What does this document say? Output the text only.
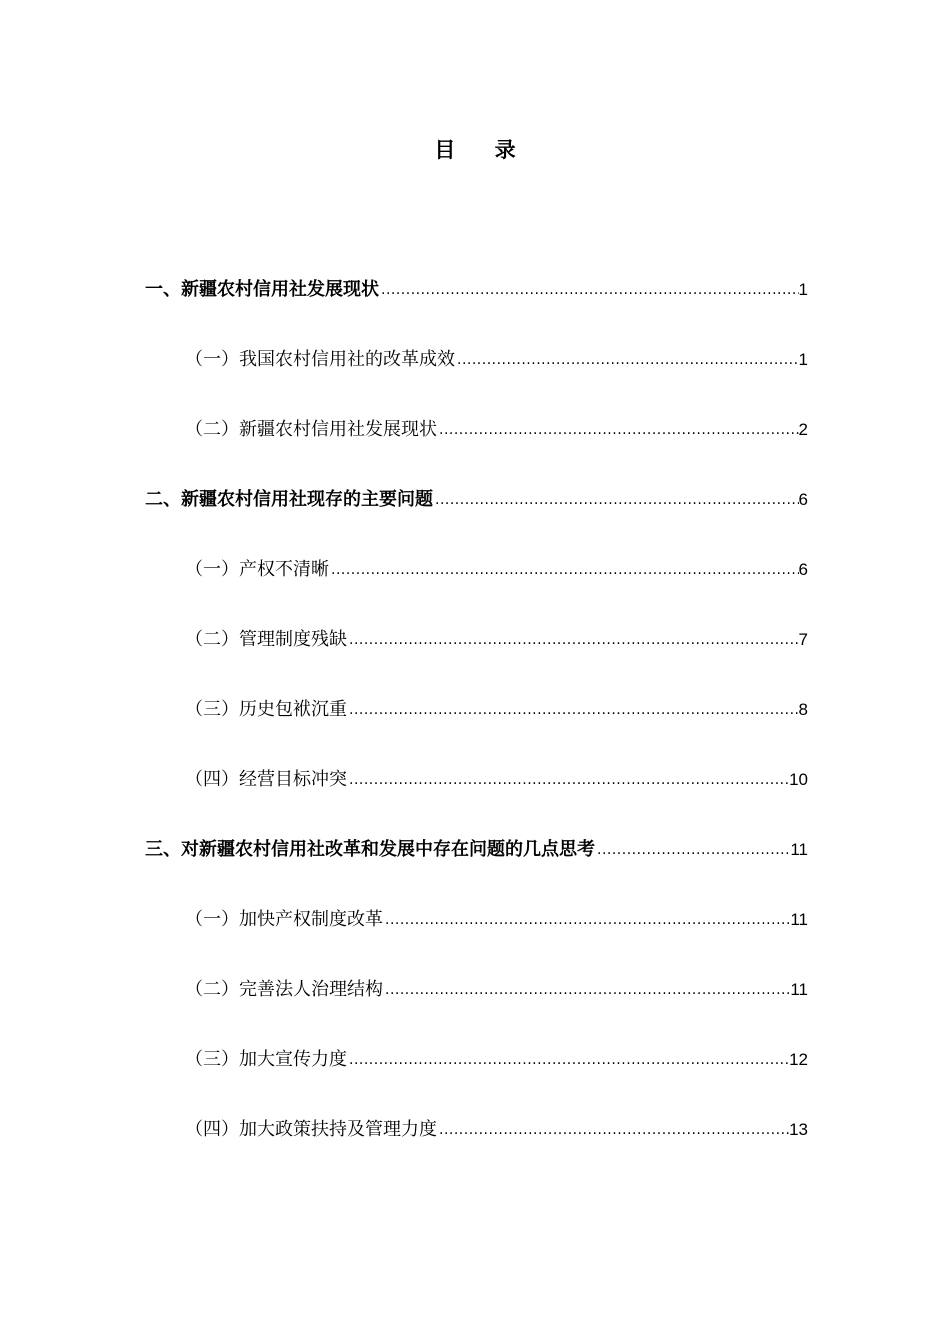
目 录
一、新疆农村信用社发展现状 .....	1
（一）我国农村信用社的改革成效 .....	1
（二）新疆农村信用社发展现状 .....	2
二、新疆农村信用社现存的主要问题 .....	6
（一）产权不清晰 .....	6
（二）管理制度残缺 .....	7
（三）历史包袱沉重 .....	8
（四）经营目标冲突 .....	10
三、对新疆农村信用社改革和发展中存在问题的几点思考 .....	11
（一）加快产权制度改革 .....	11
（二）完善法人治理结构 .....	11
（三）加大宣传力度 .....	12
（四）加大政策扶持及管理力度 .....	13
